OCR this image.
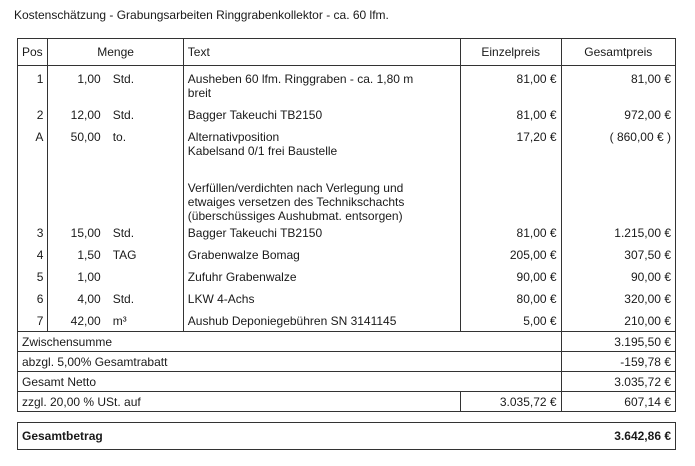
Kostenschätzung - Grabungsarbeiten Ringgrabenkollektor - ca. 60 lfm.
Pos	Menge		Text	Einzelpreis	Gesamtpreis
1	1,00	Std.	Ausheben 60 lfm. Ringgraben - ca. 1,80 m
breit	81,00 €	81,00 €

2	12,00	Std.	Bagger Takeuchi TB2150	81,00 €	972,00 €

A	50,00	to.	Alternativposition
Kabelsand 0/1 frei Baustelle	17,20 €	( 860,00 € )

			Verfüllen/verdichten nach Verlegung und
etwaiges versetzen des Technikschachts
(überschüssiges Aushubmat. entsorgen)		

3	15,00	Std.	Bagger Takeuchi TB2150	81,00 €	1.215,00 €

4	1,50	TAG	Grabenwalze Bomag	205,00 €	307,50 €

5	1,00		Zufuhr Grabenwalze	90,00 €	90,00 €

6	4,00	Std.	LKW 4-Achs	80,00 €	320,00 €

7	42,00	m³	Aushub Deponiegebühren SN 3141145	5,00 €	210,00 €
Zwischensumme					3.195,50 €
abzgl. 5,00% Gesamtrabatt					-159,78 €
Gesamt Netto					3.035,72 €
zzgl. 20,00 % USt. auf				3.035,72 €	607,14 €

Gesamtbetrag					3.642,86 €
